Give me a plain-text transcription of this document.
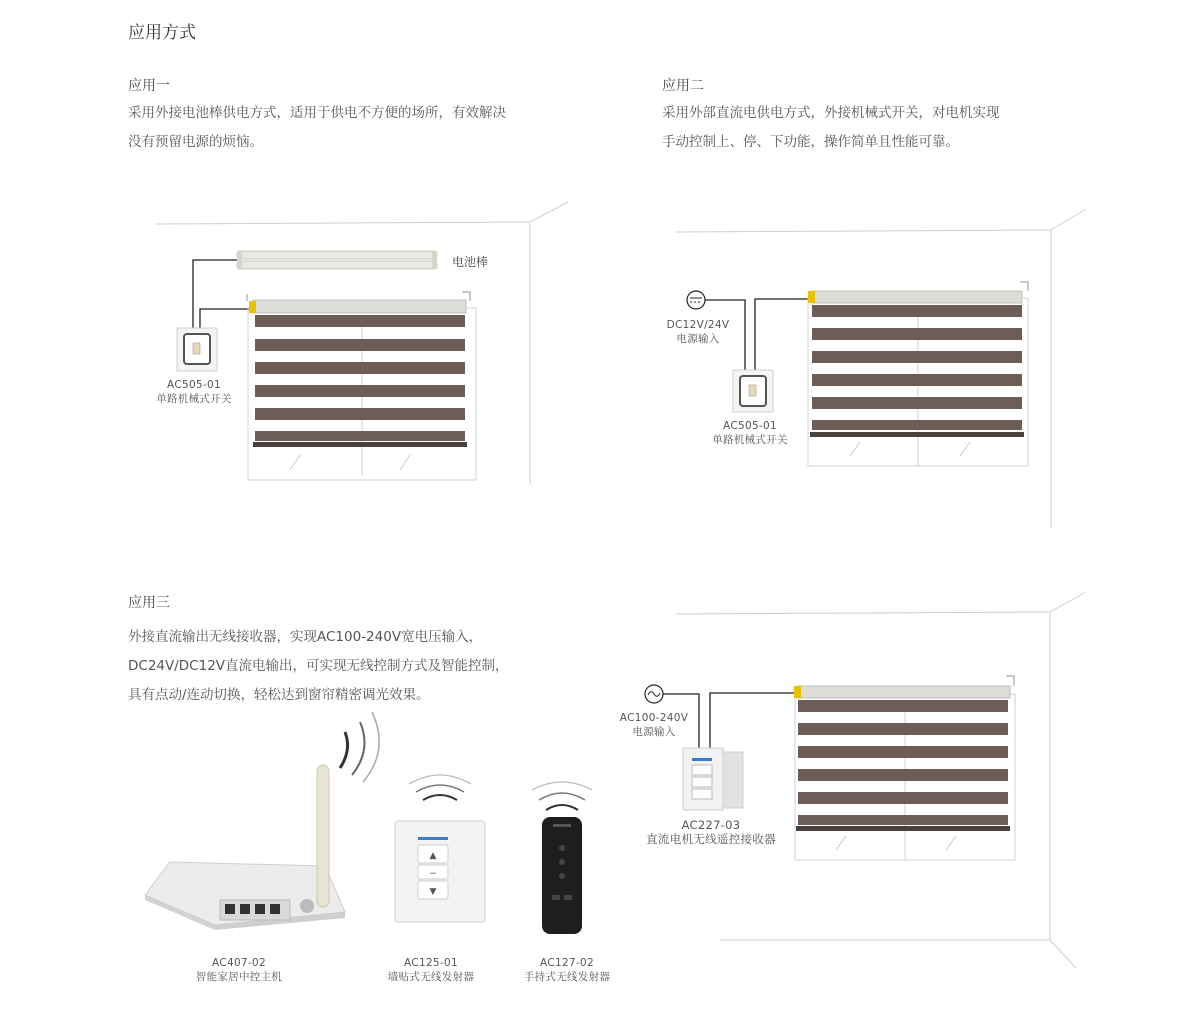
应用方式
应用一
采用外接电池棒供电方式，适用于供电不方便的场所，有效解决
没有预留电源的烦恼。
应用二
采用外部直流电供电方式，外接机械式开关，对电机实现
手动控制上、停、下功能，操作简单且性能可靠。
应用三
外接直流输出无线接收器，实现AC100-240V宽电压输入，
DC24V/DC12V直流电输出，可实现无线控制方式及智能控制，
具有点动/连动切换，轻松达到窗帘精密调光效果。
▲
−
▼
电池棒
AC505-01
单路机械式开关
DC12V/24V
电源输入
AC505-01
单路机械式开关
AC100-240V
电源输入
AC227-03
直流电机无线遥控接收器
AC407-02
智能家居中控主机
AC125-01
墙贴式无线发射器
AC127-02
手持式无线发射器
